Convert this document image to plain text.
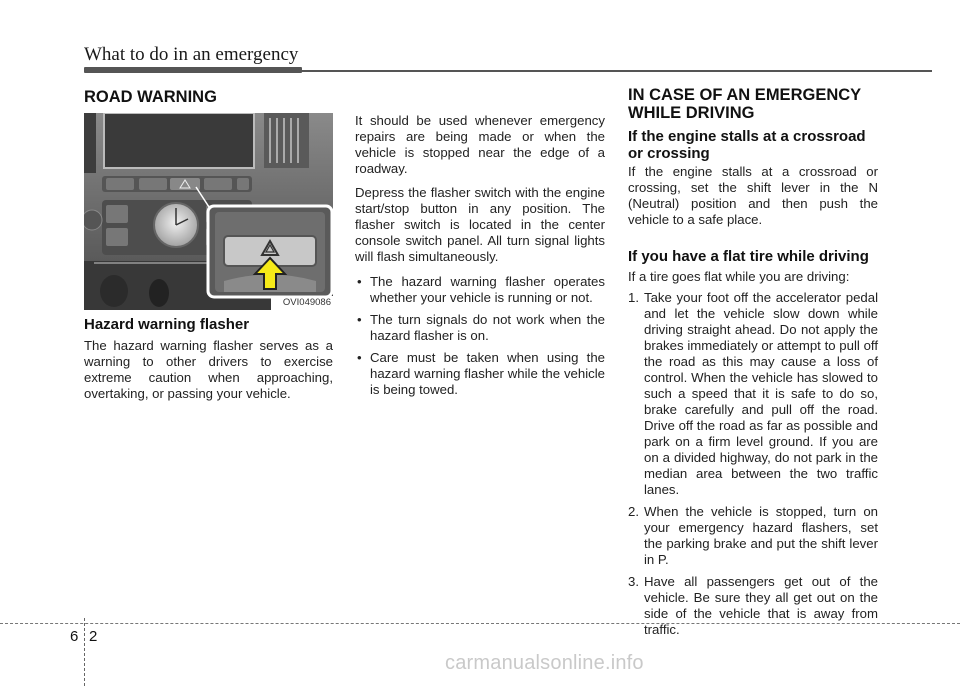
What to do in an emergency
ROAD WARNING
OVI049086
Hazard warning flasher

The hazard warning flasher serves as a warning to other drivers to exercise extreme caution when approaching, overtaking, or passing your vehicle.

It should be used whenever emergency repairs are being made or when the vehicle is stopped near the edge of a roadway.

Depress the flasher switch with the engine start/stop button in any position. The flasher switch is located in the center console switch panel. All turn signal lights will flash simultaneously.

• The hazard warning flasher operates whether your vehicle is running or not.
• The turn signals do not work when the hazard flasher is on.
• Care must be taken when using the hazard warning flasher while the vehicle is being towed.
IN CASE OF AN EMERGENCY
WHILE DRIVING
If the engine stalls at a crossroad
or crossing

If the engine stalls at a crossroad or crossing, set the shift lever in the N (Neutral) position and then push the vehicle to a safe place.

If you have a flat tire while driving

If a tire goes flat while you are driving:

1. Take your foot off the accelerator pedal and let the vehicle slow down while driving straight ahead. Do not apply the brakes immediately or attempt to pull off the road as this may cause a loss of control. When the vehicle has slowed to such a speed that it is safe to do so, brake carefully and pull off the road. Drive off the road as far as possible and park on a firm level ground. If you are on a divided highway, do not park in the median area between the two traffic lanes.
2. When the vehicle is stopped, turn on your emergency hazard flashers, set the parking brake and put the shift lever in P.
3. Have all passengers get out of the vehicle. Be sure they all get out on the side of the vehicle that is away from traffic.
6 2
carmanualsonline.info
